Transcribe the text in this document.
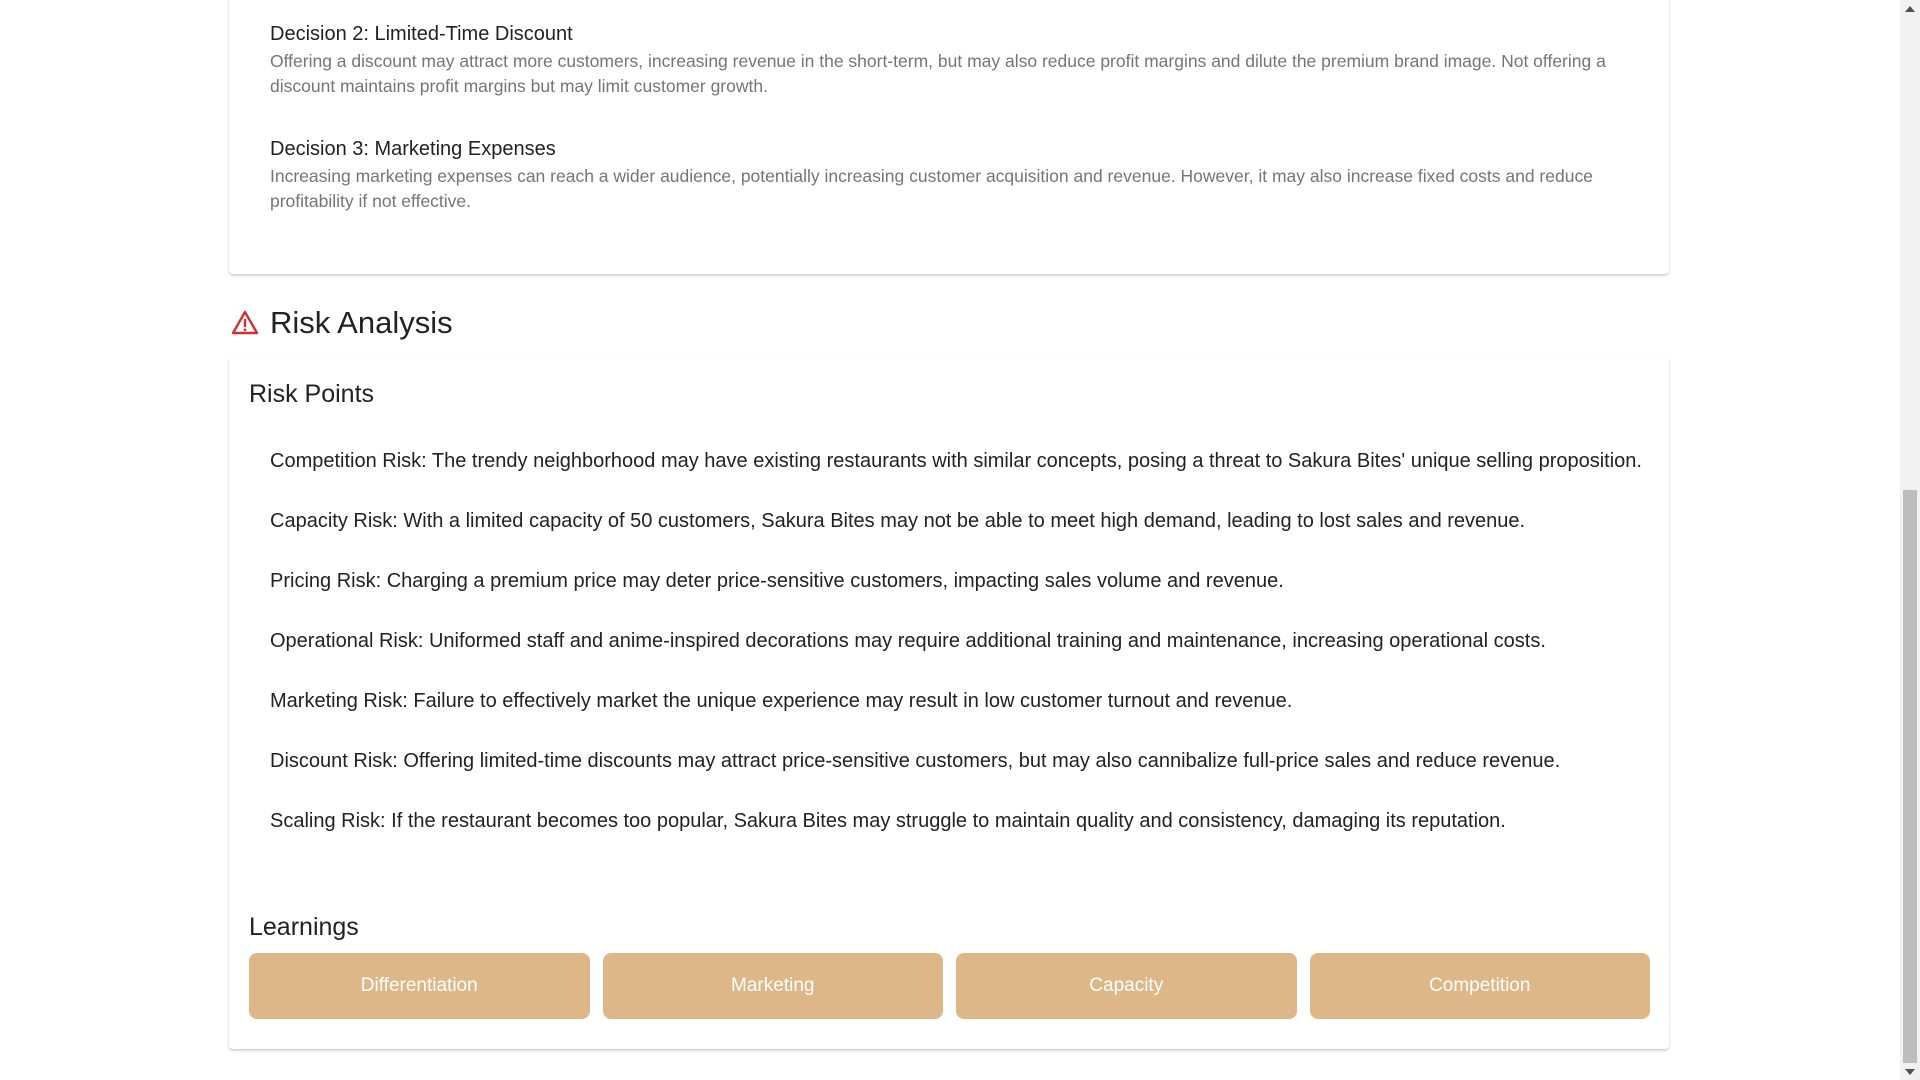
Decision 2: Limited-Time Discount
Offering a discount may attract more customers, increasing revenue in the short-term, but may also reduce profit margins and dilute the premium brand image. Not offering a discount maintains profit margins but may limit customer growth.
Decision 3: Marketing Expenses
Increasing marketing expenses can reach a wider audience, potentially increasing customer acquisition and revenue. However, it may also increase fixed costs and reduce profitability if not effective.
Risk Analysis
Risk Points
Competition Risk: The trendy neighborhood may have existing restaurants with similar concepts, posing a threat to Sakura Bites' unique selling proposition.
Capacity Risk: With a limited capacity of 50 customers, Sakura Bites may not be able to meet high demand, leading to lost sales and revenue.
Pricing Risk: Charging a premium price may deter price-sensitive customers, impacting sales volume and revenue.
Operational Risk: Uniformed staff and anime-inspired decorations may require additional training and maintenance, increasing operational costs.
Marketing Risk: Failure to effectively market the unique experience may result in low customer turnout and revenue.
Discount Risk: Offering limited-time discounts may attract price-sensitive customers, but may also cannibalize full-price sales and reduce revenue.
Scaling Risk: If the restaurant becomes too popular, Sakura Bites may struggle to maintain quality and consistency, damaging its reputation.
Learnings
Differentiation	Marketing	Capacity	Competition
